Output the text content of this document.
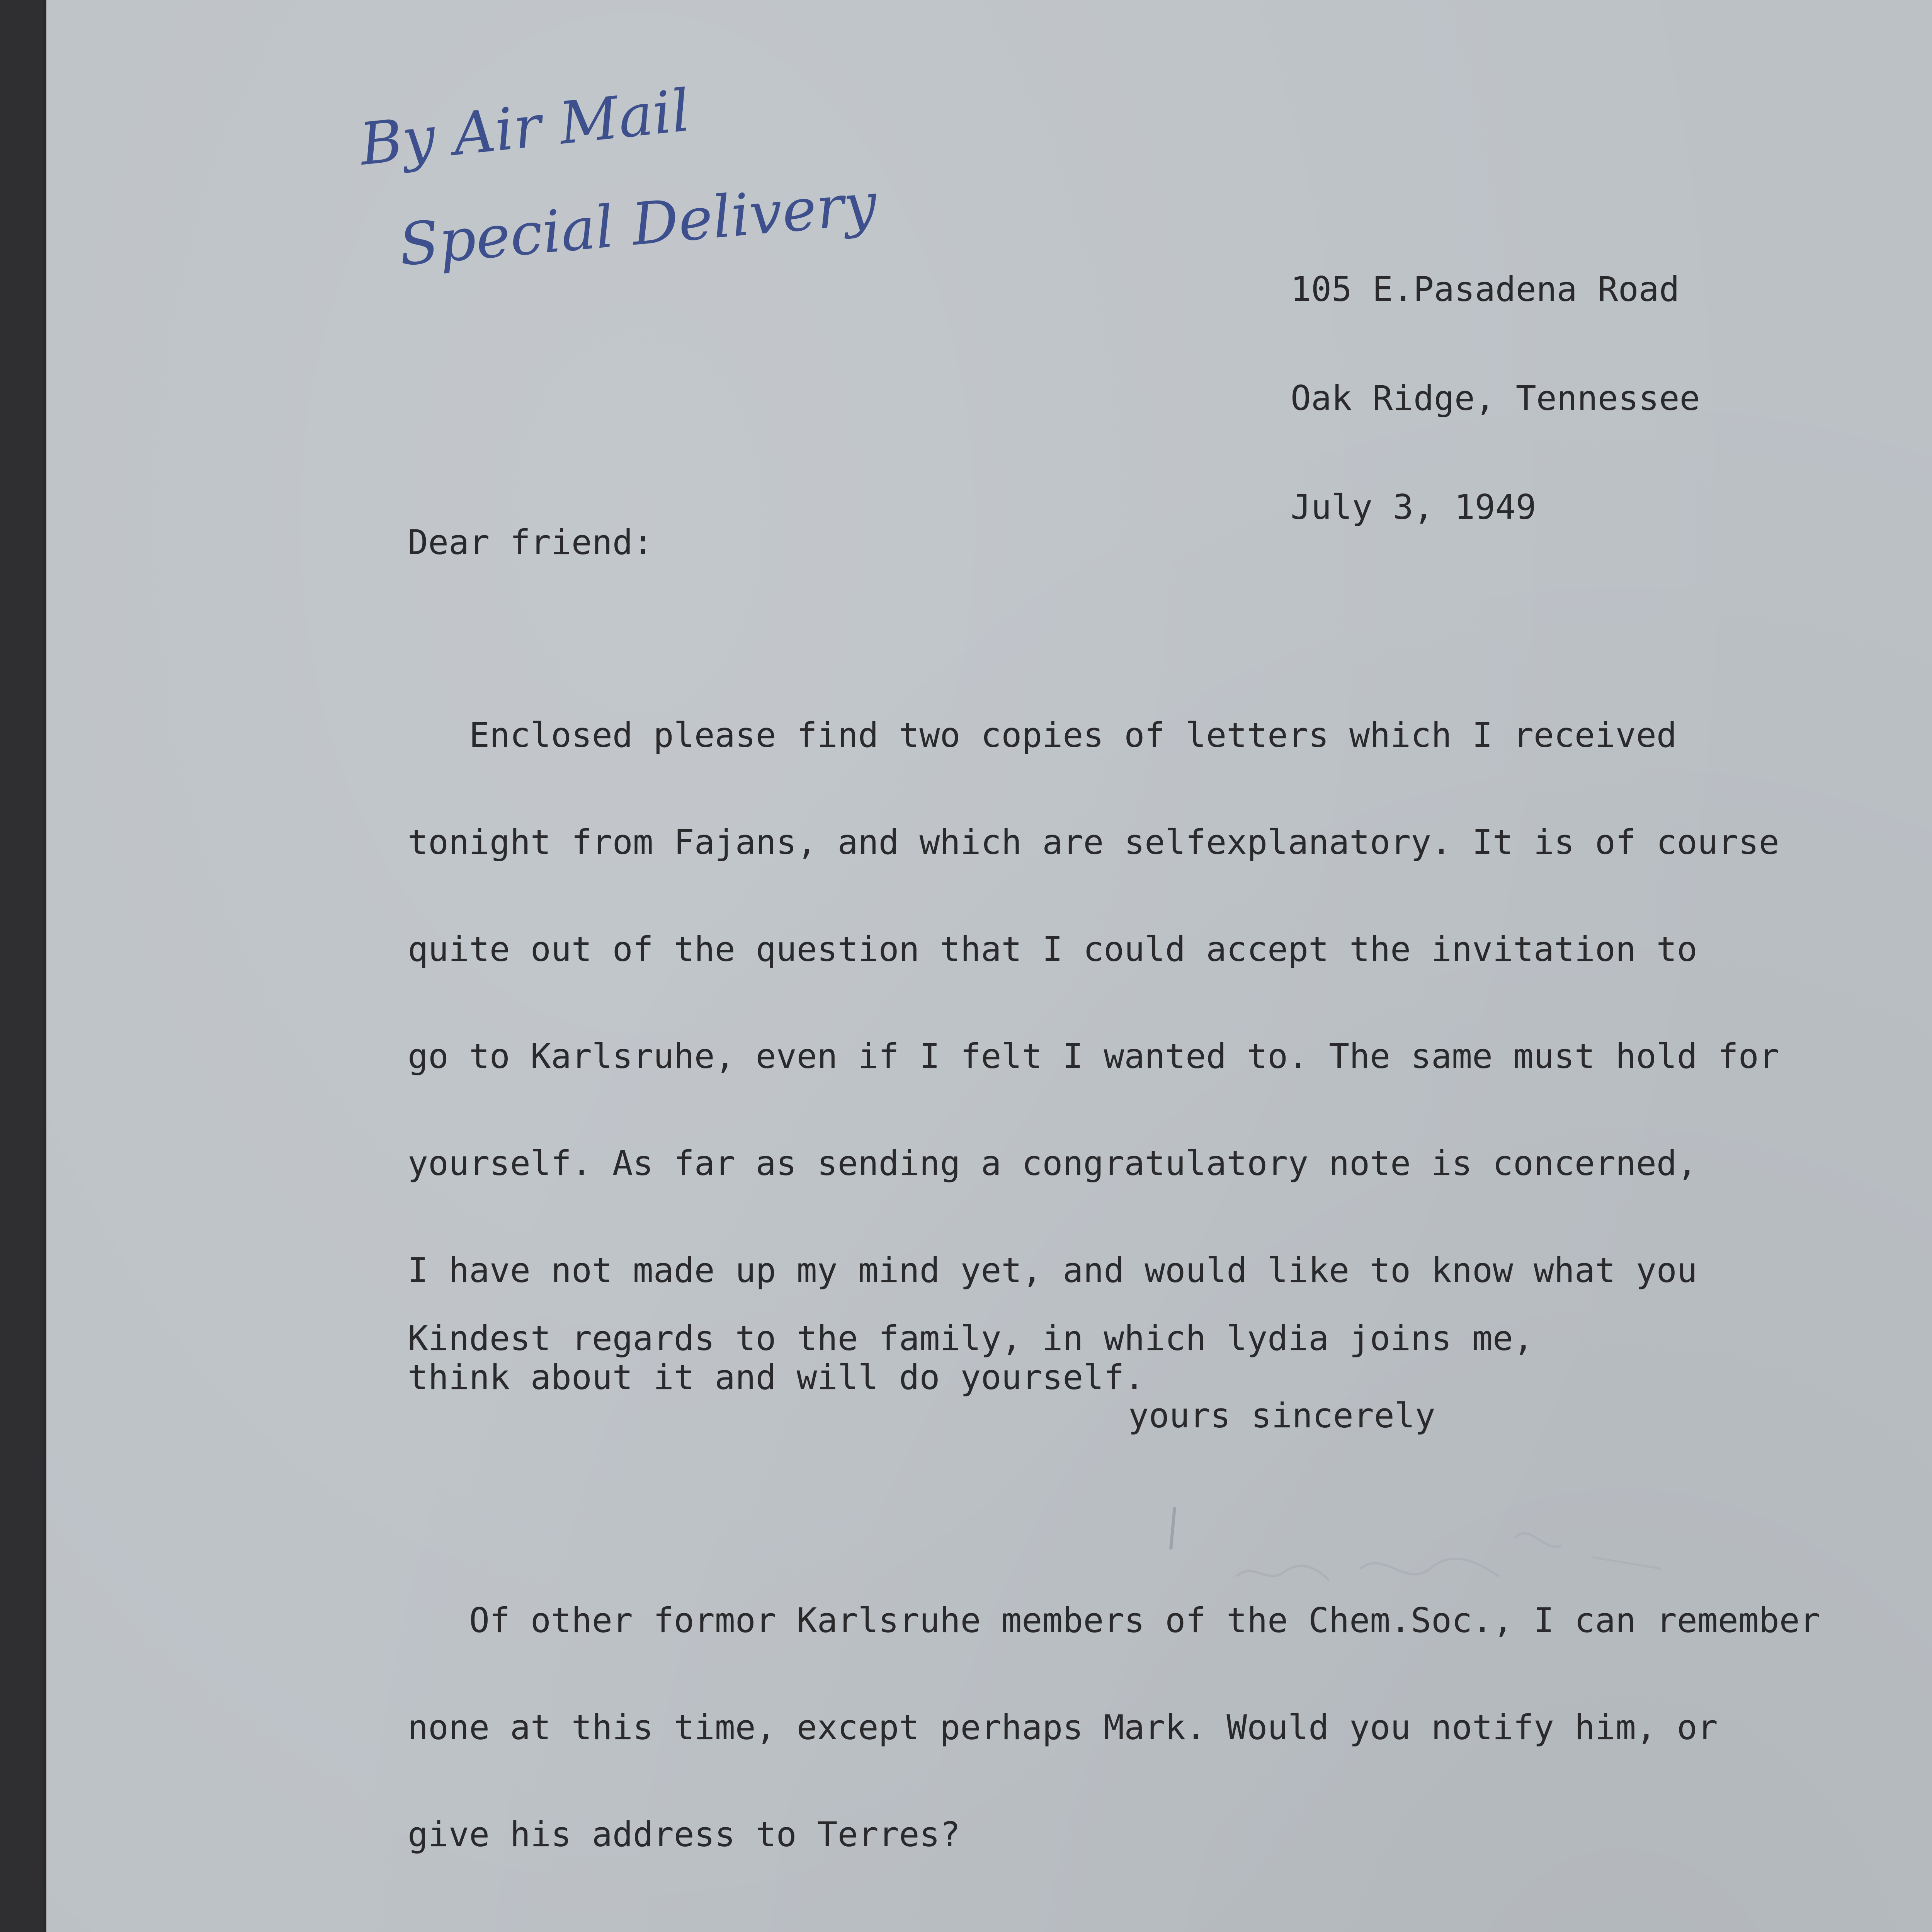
By Air Mail
Special Delivery

105 E.Pasadena Road

Oak Ridge, Tennessee

July 3, 1949

Dear friend:

Enclosed please find two copies of letters which I received

tonight from Fajans, and which are selfexplanatory. It is of course

quite out of the question that I could accept the invitation to

go to Karlsruhe, even if I felt I wanted to. The same must hold for

yourself. As far as sending a congratulatory note is concerned,

I have not made up my mind yet, and would like to know what you

think about it and will do yourself.

Of other formor Karlsruhe members of the Chem.Soc., I can remember

none at this time, except perhaps Mark. Would you notify him, or

give his address to Terres?

Kindest regards to the family, in which lydia joins me,
yours sincerely
